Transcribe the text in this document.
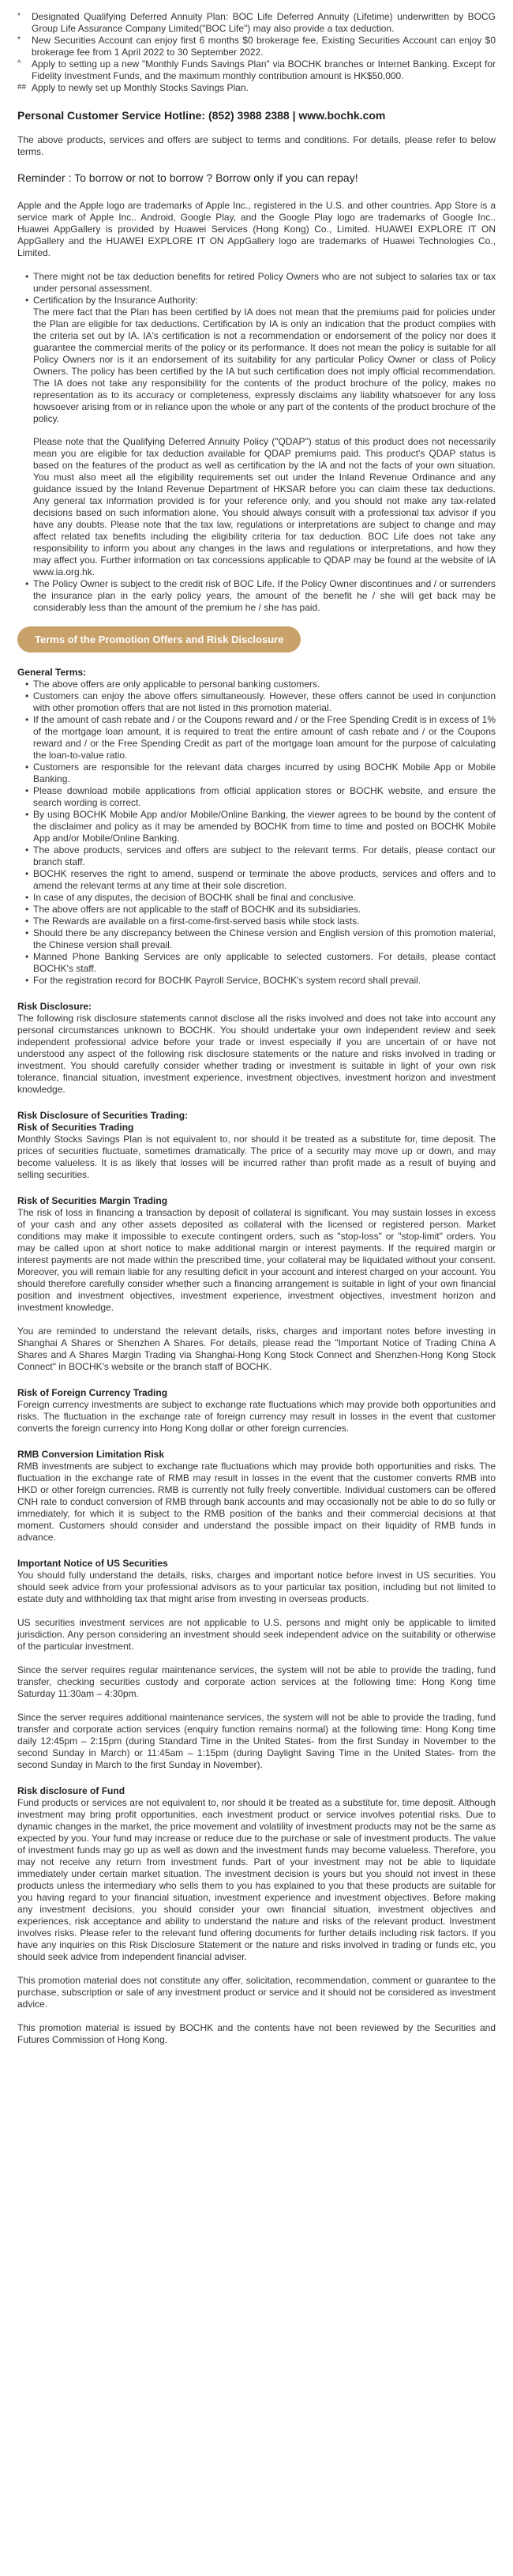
*	Designated Qualifying Deferred Annuity Plan: BOC Life Deferred Annuity (Lifetime) underwritten by BOCG Group Life Assurance Company Limited("BOC Life") may also provide a tax deduction.
*	New Securities Account can enjoy first 6 months $0 brokerage fee, Existing Securities Account can enjoy $0 brokerage fee from 1 April 2022 to 30 September 2022.
^	Apply to setting up a new "Monthly Funds Savings Plan" via BOCHK branches or Internet Banking. Except for Fidelity Investment Funds, and the maximum monthly contribution amount is HK$50,000.
## Apply to newly set up Monthly Stocks Savings Plan.
Personal Customer Service Hotline: (852) 3988 2388 | www.bochk.com

The above products, services and offers are subject to terms and conditions. For details, please refer to below terms.

Reminder : To borrow or not to borrow ? Borrow only if you can repay!

Apple and the Apple logo are trademarks of Apple Inc., registered in the U.S. and other countries. App Store is a service mark of Apple Inc.. Android, Google Play, and the Google Play logo are trademarks of Google Inc.. Huawei AppGallery is provided by Huawei Services (Hong Kong) Co., Limited. HUAWEI EXPLORE IT ON AppGallery and the HUAWEI EXPLORE IT ON AppGallery logo are trademarks of Huawei Technologies Co., Limited.

• There might not be tax deduction benefits for retired Policy Owners who are not subject to salaries tax or tax under personal assessment.
• Certification by the Insurance Authority:
The mere fact that the Plan has been certified by IA does not mean that the premiums paid for policies under the Plan are eligible for tax deductions. Certification by IA is only an indication that the product complies with the criteria set out by IA. IA's certification is not a recommendation or endorsement of the policy nor does it guarantee the commercial merits of the policy or its performance. It does not mean the policy is suitable for all Policy Owners nor is it an endorsement of its suitability for any particular Policy Owner or class of Policy Owners. The policy has been certified by the IA but such certification does not imply official recommendation. The IA does not take any responsibility for the contents of the product brochure of the policy, makes no representation as to its accuracy or completeness, expressly disclaims any liability whatsoever for any loss howsoever arising from or in reliance upon the whole or any part of the contents of the product brochure of the policy.
Please note that the Qualifying Deferred Annuity Policy ("QDAP") status of this product does not necessarily mean you are eligible for tax deduction available for QDAP premiums paid. This product's QDAP status is based on the features of the product as well as certification by the IA and not the facts of your own situation. You must also meet all the eligibility requirements set out under the Inland Revenue Ordinance and any guidance issued by the Inland Revenue Department of HKSAR before you can claim these tax deductions. Any general tax information provided is for your reference only, and you should not make any tax-related decisions based on such information alone. You should always consult with a professional tax advisor if you have any doubts. Please note that the tax law, regulations or interpretations are subject to change and may affect related tax benefits including the eligibility criteria for tax deduction. BOC Life does not take any responsibility to inform you about any changes in the laws and regulations or interpretations, and how they may affect you. Further information on tax concessions applicable to QDAP may be found at the website of IA www.ia.org.hk.
• The Policy Owner is subject to the credit risk of BOC Life. If the Policy Owner discontinues and / or surrenders the insurance plan in the early policy years, the amount of the benefit he / she will get back may be considerably less than the amount of the premium he / she has paid.
Terms of the Promotion Offers and Risk Disclosure
General Terms:
• The above offers are only applicable to personal banking customers.
• Customers can enjoy the above offers simultaneously. However, these offers cannot be used in conjunction with other promotion offers that are not listed in this promotion material.
• If the amount of cash rebate and / or the Coupons reward and / or the Free Spending Credit is in excess of 1% of the mortgage loan amount, it is required to treat the entire amount of cash rebate and / or the Coupons reward and / or the Free Spending Credit as part of the mortgage loan amount for the purpose of calculating the loan-to-value ratio.
• Customers are responsible for the relevant data charges incurred by using BOCHK Mobile App or Mobile Banking.
• Please download mobile applications from official application stores or BOCHK website, and ensure the search wording is correct.
• By using BOCHK Mobile App and/or Mobile/Online Banking, the viewer agrees to be bound by the content of the disclaimer and policy as it may be amended by BOCHK from time to time and posted on BOCHK Mobile App and/or Mobile/Online Banking.
• The above products, services and offers are subject to the relevant terms. For details, please contact our branch staff.
• BOCHK reserves the right to amend, suspend or terminate the above products, services and offers and to amend the relevant terms at any time at their sole discretion.
• In case of any disputes, the decision of BOCHK shall be final and conclusive.
• The above offers are not applicable to the staff of BOCHK and its subsidiaries.
• The Rewards are available on a first-come-first-served basis while stock lasts.
• Should there be any discrepancy between the Chinese version and English version of this promotion material, the Chinese version shall prevail.
• Manned Phone Banking Services are only applicable to selected customers. For details, please contact BOCHK's staff.
• For the registration record for BOCHK Payroll Service, BOCHK's system record shall prevail.
Risk Disclosure:

The following risk disclosure statements cannot disclose all the risks involved and does not take into account any personal circumstances unknown to BOCHK. You should undertake your own independent review and seek independent professional advice before your trade or invest especially if you are uncertain of or have not understood any aspect of the following risk disclosure statements or the nature and risks involved in trading or investment. You should carefully consider whether trading or investment is suitable in light of your own risk tolerance, financial situation, investment experience, investment objectives, investment horizon and investment knowledge.

Risk Disclosure of Securities Trading:
Risk of Securities Trading

Monthly Stocks Savings Plan is not equivalent to, nor should it be treated as a substitute for, time deposit. The prices of securities fluctuate, sometimes dramatically. The price of a security may move up or down, and may become valueless. It is as likely that losses will be incurred rather than profit made as a result of buying and selling securities.

Risk of Securities Margin Trading

The risk of loss in financing a transaction by deposit of collateral is significant. You may sustain losses in excess of your cash and any other assets deposited as collateral with the licensed or registered person. Market conditions may make it impossible to execute contingent orders, such as "stop-loss" or "stop-limit" orders. You may be called upon at short notice to make additional margin or interest payments. If the required margin or interest payments are not made within the prescribed time, your collateral may be liquidated without your consent. Moreover, you will remain liable for any resulting deficit in your account and interest charged on your account. You should therefore carefully consider whether such a financing arrangement is suitable in light of your own financial position and investment objectives, investment experience, investment objectives, investment horizon and investment knowledge.

You are reminded to understand the relevant details, risks, charges and important notes before investing in Shanghai A Shares or Shenzhen A Shares. For details, please read the "Important Notice of Trading China A Shares and A Shares Margin Trading via Shanghai-Hong Kong Stock Connect and Shenzhen-Hong Kong Stock Connect" in BOCHK's website or the branch staff of BOCHK.

Risk of Foreign Currency Trading

Foreign currency investments are subject to exchange rate fluctuations which may provide both opportunities and risks. The fluctuation in the exchange rate of foreign currency may result in losses in the event that customer converts the foreign currency into Hong Kong dollar or other foreign currencies.

RMB Conversion Limitation Risk

RMB investments are subject to exchange rate fluctuations which may provide both opportunities and risks. The fluctuation in the exchange rate of RMB may result in losses in the event that the customer converts RMB into HKD or other foreign currencies. RMB is currently not fully freely convertible. Individual customers can be offered CNH rate to conduct conversion of RMB through bank accounts and may occasionally not be able to do so fully or immediately, for which it is subject to the RMB position of the banks and their commercial decisions at that moment. Customers should consider and understand the possible impact on their liquidity of RMB funds in advance.

Important Notice of US Securities

You should fully understand the details, risks, charges and important notice before invest in US securities. You should seek advice from your professional advisors as to your particular tax position, including but not limited to estate duty and withholding tax that might arise from investing in overseas products.

US securities investment services are not applicable to U.S. persons and might only be applicable to limited jurisdiction. Any person considering an investment should seek independent advice on the suitability or otherwise of the particular investment.

Since the server requires regular maintenance services, the system will not be able to provide the trading, fund transfer, checking securities custody and corporate action services at the following time: Hong Kong time Saturday 11:30am – 4:30pm.

Since the server requires additional maintenance services, the system will not be able to provide the trading, fund transfer and corporate action services (enquiry function remains normal) at the following time: Hong Kong time daily 12:45pm – 2:15pm (during Standard Time in the United States- from the first Sunday in November to the second Sunday in March) or 11:45am – 1:15pm (during Daylight Saving Time in the United States- from the second Sunday in March to the first Sunday in November).

Risk disclosure of Fund

Fund products or services are not equivalent to, nor should it be treated as a substitute for, time deposit. Although investment may bring profit opportunities, each investment product or service involves potential risks. Due to dynamic changes in the market, the price movement and volatility of investment products may not be the same as expected by you. Your fund may increase or reduce due to the purchase or sale of investment products. The value of investment funds may go up as well as down and the investment funds may become valueless. Therefore, you may not receive any return from investment funds. Part of your investment may not be able to liquidate immediately under certain market situation. The investment decision is yours but you should not invest in these products unless the intermediary who sells them to you has explained to you that these products are suitable for you having regard to your financial situation, investment experience and investment objectives. Before making any investment decisions, you should consider your own financial situation, investment objectives and experiences, risk acceptance and ability to understand the nature and risks of the relevant product. Investment involves risks. Please refer to the relevant fund offering documents for further details including risk factors. If you have any inquiries on this Risk Disclosure Statement or the nature and risks involved in trading or funds etc, you should seek advice from independent financial adviser.

This promotion material does not constitute any offer, solicitation, recommendation, comment or guarantee to the purchase, subscription or sale of any investment product or service and it should not be considered as investment advice.

This promotion material is issued by BOCHK and the contents have not been reviewed by the Securities and Futures Commission of Hong Kong.
